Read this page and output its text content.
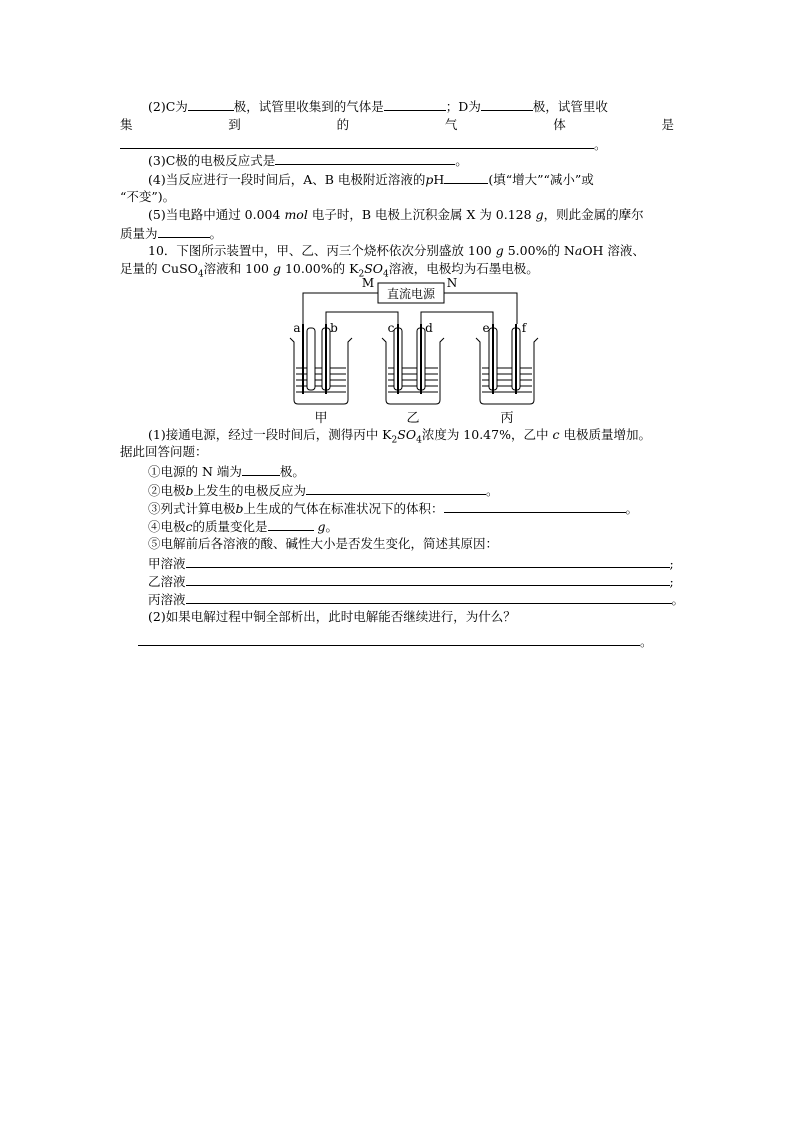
(2)C为	极，试管里收集到的气体是	；D为	极，试管里收
集	到	的	气	体	是
。
(3)C极的电极反应式是	。
(4)当反应进行一段时间后，A、B 电极附近溶液的pH	(填“增大”“减小”或
“不变”)。
(5)当电路中通过 0.004 mol 电子时，B 电极上沉积金属 X 为 0.128 g，则此金属的摩尔
质量为	。
10．下图所示装置中，甲、乙、丙三个烧杯依次分别盛放 100 g 5.00%的 NaOH 溶液、
足量的 CuSO$_4$溶液和 100 g 10.00%的 $K_2SO_4$溶液，电极均为石墨电极。
直流电源
M	N
a b	c	d	e	f
甲	乙	丙
(1)接通电源，经过一段时间后，测得丙中 $K_2SO_4$浓度为 10.47%，乙中 c 电极质量增加。
据此回答问题：
①电源的 N 端为	极。
②电极b上发生的电极反应为	。
③列式计算电极b上生成的气体在标准状况下的体积：	。
④电极c的质量变化是	g。
⑤电解前后各溶液的酸、碱性大小是否发生变化，简述其原因：
甲溶液	;
乙溶液	;
丙溶液	。
(2)如果电解过程中铜全部析出，此时电解能否继续进行，为什么？
。
